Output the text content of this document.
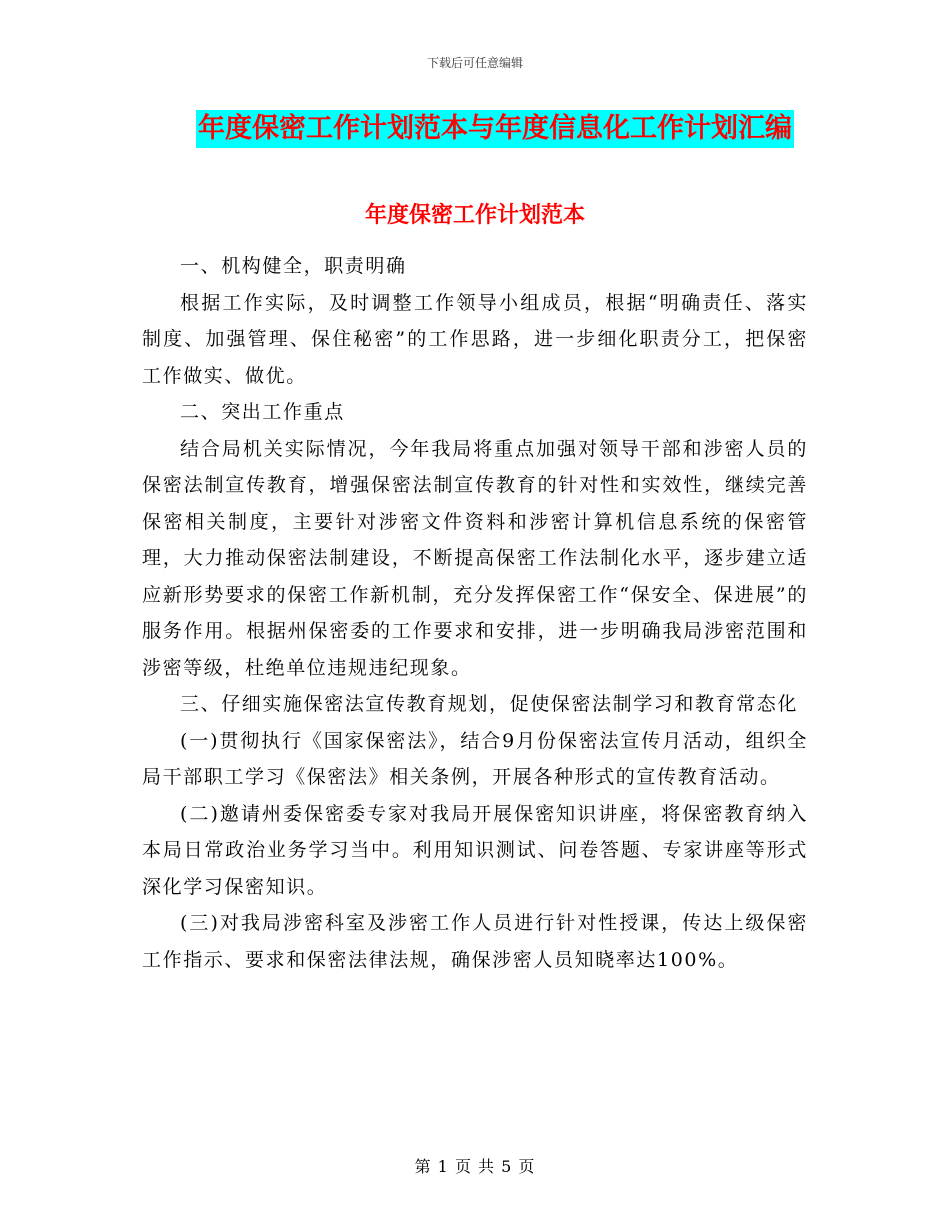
下载后可任意编辑
年度保密工作计划范本与年度信息化工作计划汇编
年度保密工作计划范本

一、机构健全，职责明确

根据工作实际，及时调整工作领导小组成员，根据“明确责任、落实制度、加强管理、保住秘密”的工作思路，进一步细化职责分工，把保密工作做实、做优。

二、突出工作重点

结合局机关实际情况，今年我局将重点加强对领导干部和涉密人员的保密法制宣传教育，增强保密法制宣传教育的针对性和实效性，继续完善保密相关制度，主要针对涉密文件资料和涉密计算机信息系统的保密管理，大力推动保密法制建设，不断提高保密工作法制化水平，逐步建立适应新形势要求的保密工作新机制，充分发挥保密工作“保安全、保进展”的服务作用。根据州保密委的工作要求和安排，进一步明确我局涉密范围和涉密等级，杜绝单位违规违纪现象。

三、仔细实施保密法宣传教育规划，促使保密法制学习和教育常态化

(一)贯彻执行《国家保密法》，结合9月份保密法宣传月活动，组织全局干部职工学习《保密法》相关条例，开展各种形式的宣传教育活动。

(二)邀请州委保密委专家对我局开展保密知识讲座，将保密教育纳入本局日常政治业务学习当中。利用知识测试、问卷答题、专家讲座等形式深化学习保密知识。

(三)对我局涉密科室及涉密工作人员进行针对性授课，传达上级保密工作指示、要求和保密法律法规，确保涉密人员知晓率达100%。

第 1 页 共 5 页
